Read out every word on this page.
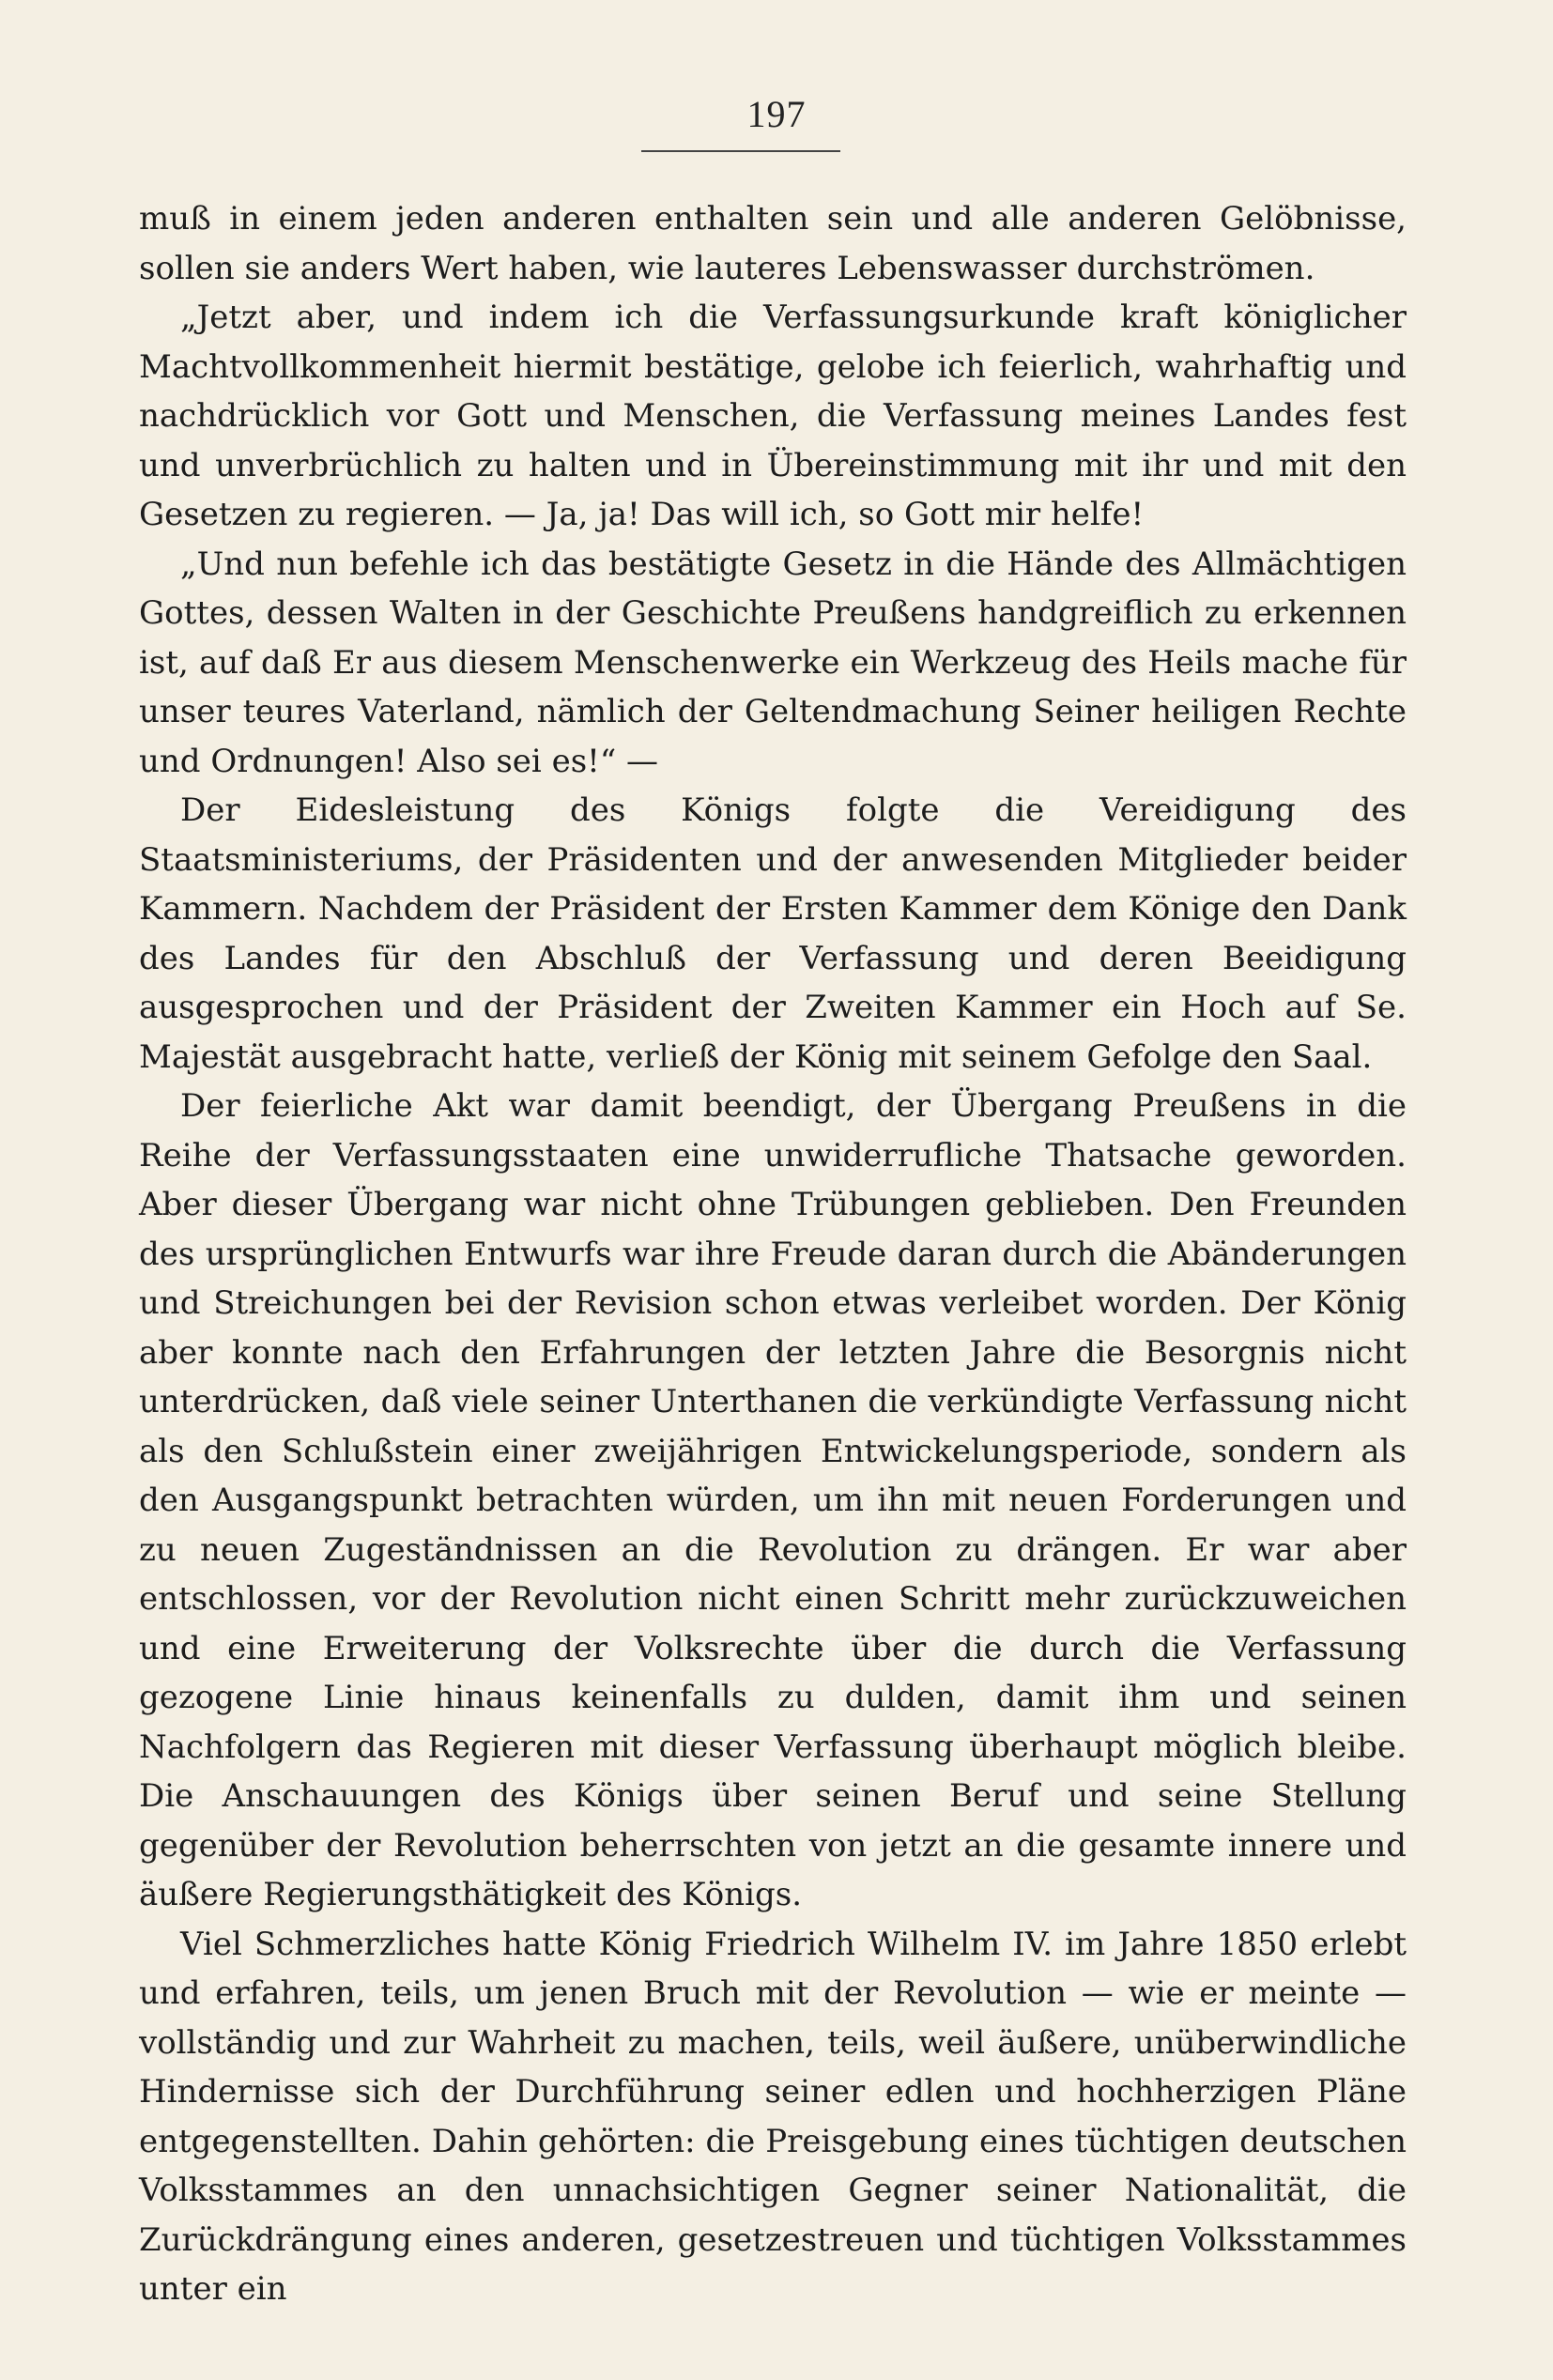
197

muß in einem jeden anderen enthalten sein und alle anderen Gelöbnisse, sollen sie anders Wert haben, wie lauteres Lebenswasser durchströmen.

„Jetzt aber, und indem ich die Verfassungsurkunde kraft königlicher Machtvollkommenheit hiermit bestätige, gelobe ich feierlich, wahrhaftig und nachdrücklich vor Gott und Menschen, die Verfassung meines Landes fest und unverbrüchlich zu halten und in Übereinstimmung mit ihr und mit den Gesetzen zu regieren. — Ja, ja! Das will ich, so Gott mir helfe!

„Und nun befehle ich das bestätigte Gesetz in die Hände des Allmächtigen Gottes, dessen Walten in der Geschichte Preußens handgreiflich zu erkennen ist, auf daß Er aus diesem Menschenwerke ein Werkzeug des Heils mache für unser teures Vaterland, nämlich der Geltendmachung Seiner heiligen Rechte und Ordnungen! Also sei es!“ —

Der Eidesleistung des Königs folgte die Vereidigung des Staatsministeriums, der Präsidenten und der anwesenden Mitglieder beider Kammern. Nachdem der Präsident der Ersten Kammer dem Könige den Dank des Landes für den Abschluß der Verfassung und deren Beeidigung ausgesprochen und der Präsident der Zweiten Kammer ein Hoch auf Se. Majestät ausgebracht hatte, verließ der König mit seinem Gefolge den Saal.

Der feierliche Akt war damit beendigt, der Übergang Preußens in die Reihe der Verfassungsstaaten eine unwiderrufliche Thatsache geworden. Aber dieser Übergang war nicht ohne Trübungen geblieben. Den Freunden des ursprünglichen Entwurfs war ihre Freude daran durch die Abänderungen und Streichungen bei der Revision schon etwas verleibet worden. Der König aber konnte nach den Erfahrungen der letzten Jahre die Besorgnis nicht unterdrücken, daß viele seiner Unterthanen die verkündigte Verfassung nicht als den Schlußstein einer zweijährigen Entwickelungsperiode, sondern als den Ausgangspunkt betrachten würden, um ihn mit neuen Forderungen und zu neuen Zugeständnissen an die Revolution zu drängen. Er war aber entschlossen, vor der Revolution nicht einen Schritt mehr zurückzuweichen und eine Erweiterung der Volksrechte über die durch die Verfassung gezogene Linie hinaus keinenfalls zu dulden, damit ihm und seinen Nachfolgern das Regieren mit dieser Verfassung überhaupt möglich bleibe. Die Anschauungen des Königs über seinen Beruf und seine Stellung gegenüber der Revolution beherrschten von jetzt an die gesamte innere und äußere Regierungsthätigkeit des Königs.

Viel Schmerzliches hatte König Friedrich Wilhelm IV. im Jahre 1850 erlebt und erfahren, teils, um jenen Bruch mit der Revolution — wie er meinte — vollständig und zur Wahrheit zu machen, teils, weil äußere, unüberwindliche Hindernisse sich der Durchführung seiner edlen und hochherzigen Pläne entgegenstellten. Dahin gehörten: die Preisgebung eines tüchtigen deutschen Volksstammes an den unnachsichtigen Gegner seiner Nationalität, die Zurückdrängung eines anderen, gesetzestreuen und tüchtigen Volksstammes unter ein
